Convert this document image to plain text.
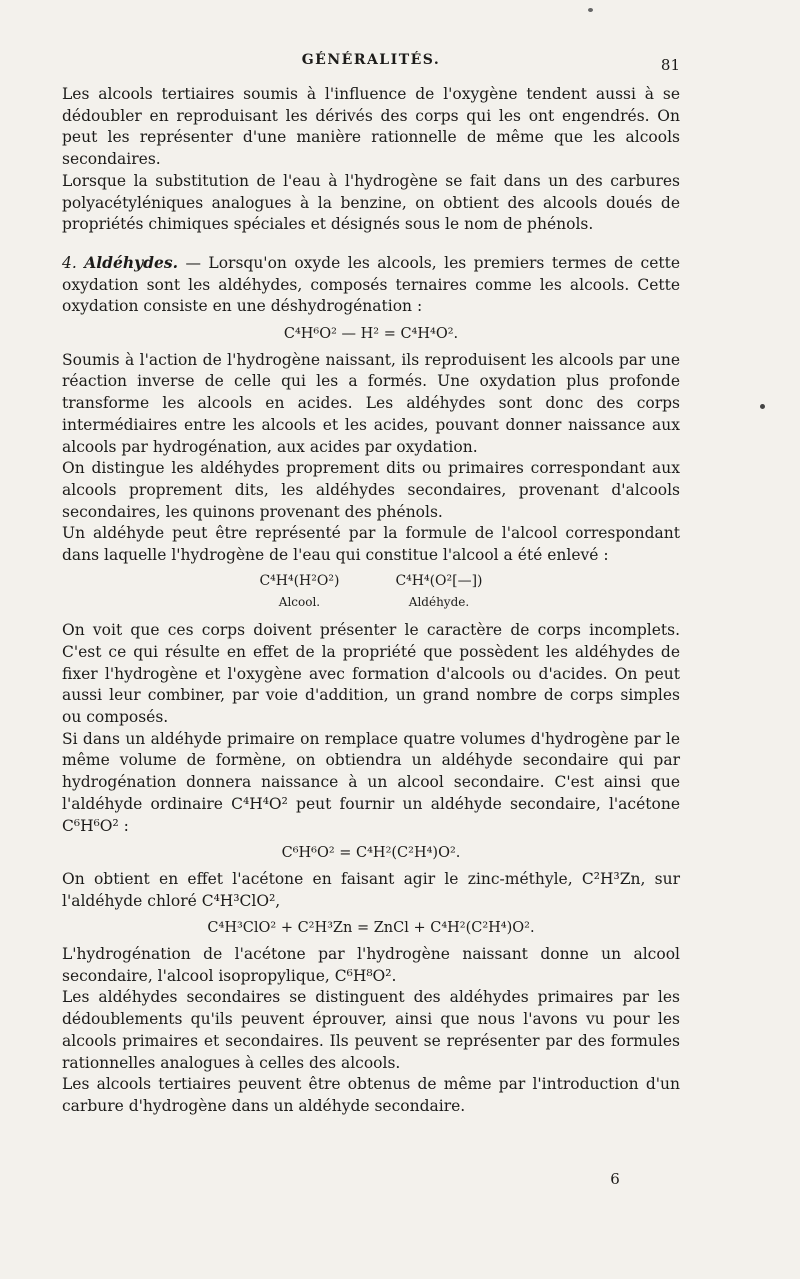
GÉNÉRALITÉS.	81

Les alcools tertiaires soumis à l'influence de l'oxygène tendent aussi à se dédoubler en reproduisant les dérivés des corps qui les ont engendrés. On peut les représenter d'une manière rationnelle de même que les alcools secondaires.

Lorsque la substitution de l'eau à l'hydrogène se fait dans un des carbures polyacétyléniques analogues à la benzine, on obtient des alcools doués de propriétés chimiques spéciales et désignés sous le nom de phénols.

4. Aldéhydes. — Lorsqu'on oxyde les alcools, les premiers termes de cette oxydation sont les aldéhydes, composés ternaires comme les alcools. Cette oxydation consiste en une déshydrogénation :

C⁴H⁶O² — H² = C⁴H⁴O².

Soumis à l'action de l'hydrogène naissant, ils reproduisent les alcools par une réaction inverse de celle qui les a formés. Une oxydation plus profonde transforme les alcools en acides. Les aldéhydes sont donc des corps intermédiaires entre les alcools et les acides, pouvant donner naissance aux alcools par hydrogénation, aux acides par oxydation.

On distingue les aldéhydes proprement dits ou primaires correspondant aux alcools proprement dits, les aldéhydes secondaires, provenant d'alcools secondaires, les quinons provenant des phénols.

Un aldéhyde peut être représenté par la formule de l'alcool correspondant dans laquelle l'hydrogène de l'eau qui constitue l'alcool a été enlevé :

C⁴H⁴(H²O²)
Alcool.
C⁴H⁴(O²[—])
Aldéhyde.

On voit que ces corps doivent présenter le caractère de corps incomplets. C'est ce qui résulte en effet de la propriété que possèdent les aldéhydes de fixer l'hydrogène et l'oxygène avec formation d'alcools ou d'acides. On peut aussi leur combiner, par voie d'addition, un grand nombre de corps simples ou composés.

Si dans un aldéhyde primaire on remplace quatre volumes d'hydrogène par le même volume de formène, on obtiendra un aldéhyde secondaire qui par hydrogénation donnera naissance à un alcool secondaire. C'est ainsi que l'aldéhyde ordinaire C⁴H⁴O² peut fournir un aldéhyde secondaire, l'acétone C⁶H⁶O² :

C⁶H⁶O² = C⁴H²(C²H⁴)O².

On obtient en effet l'acétone en faisant agir le zinc-méthyle, C²H³Zn, sur l'aldéhyde chloré C⁴H³ClO²,

C⁴H³ClO² + C²H³Zn = ZnCl + C⁴H²(C²H⁴)O².

L'hydrogénation de l'acétone par l'hydrogène naissant donne un alcool secondaire, l'alcool isopropylique, C⁶H⁸O².

Les aldéhydes secondaires se distinguent des aldéhydes primaires par les dédoublements qu'ils peuvent éprouver, ainsi que nous l'avons vu pour les alcools primaires et secondaires. Ils peuvent se représenter par des formules rationnelles analogues à celles des alcools.

Les alcools tertiaires peuvent être obtenus de même par l'introduction d'un carbure d'hydrogène dans un aldéhyde secondaire.

6
